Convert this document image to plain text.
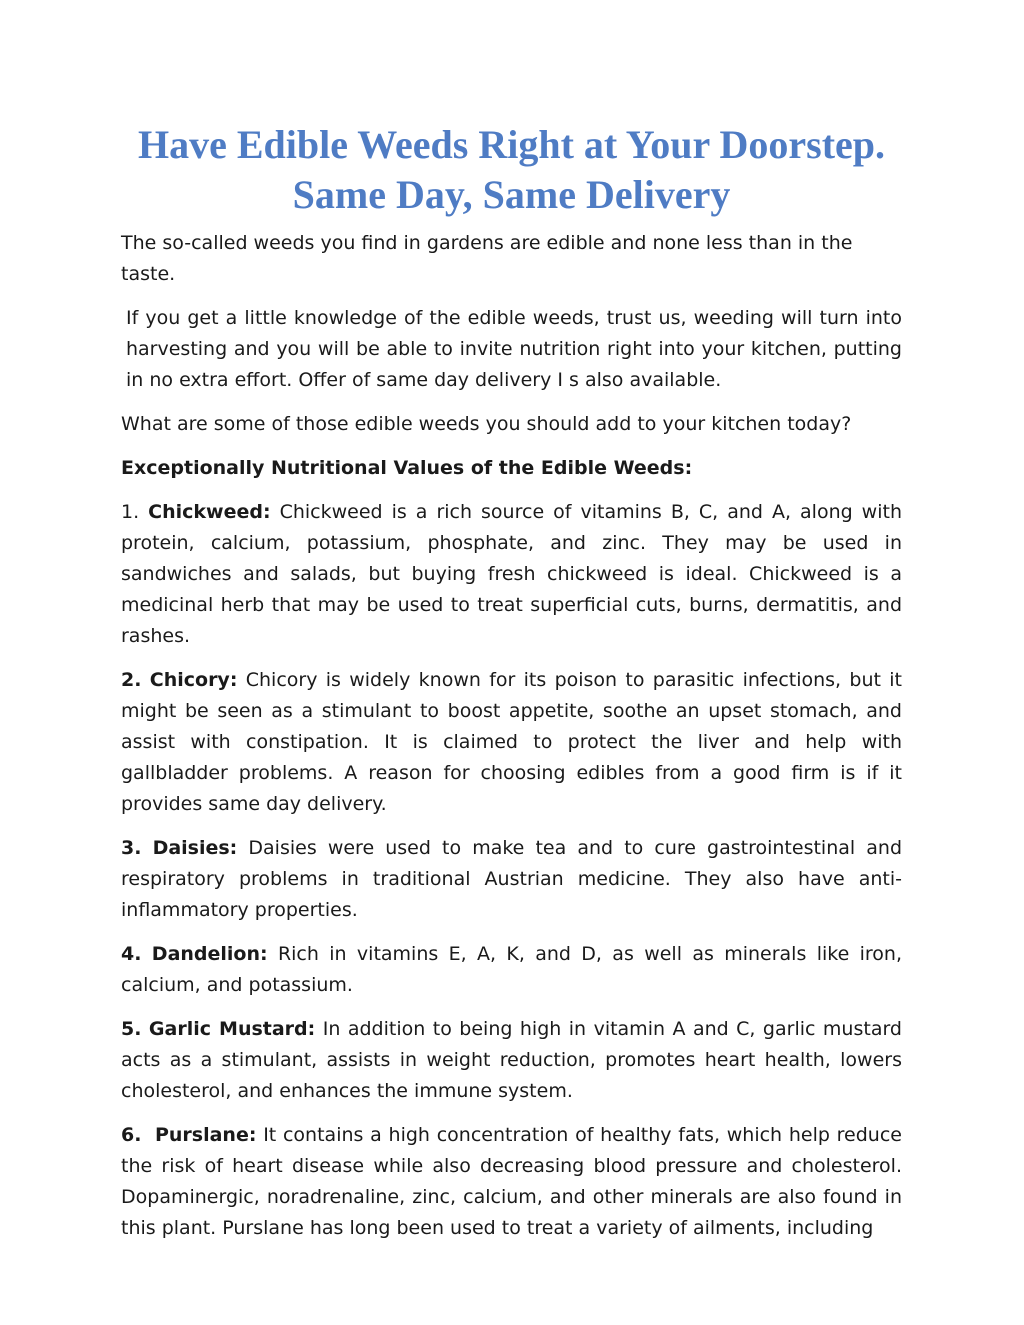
Have Edible Weeds Right at Your Doorstep.
Same Day, Same Delivery

The so-called weeds you find in gardens are edible and none less than in the taste.

If you get a little knowledge of the edible weeds, trust us, weeding will turn into harvesting and you will be able to invite nutrition right into your kitchen, putting in no extra effort. Offer of same day delivery I s also available.

What are some of those edible weeds you should add to your kitchen today?

Exceptionally Nutritional Values of the Edible Weeds:

1. Chickweed: Chickweed is a rich source of vitamins B, C, and A, along with protein, calcium, potassium, phosphate, and zinc. They may be used in sandwiches and salads, but buying fresh chickweed is ideal. Chickweed is a medicinal herb that may be used to treat superficial cuts, burns, dermatitis, and rashes.

2. Chicory: Chicory is widely known for its poison to parasitic infections, but it might be seen as a stimulant to boost appetite, soothe an upset stomach, and assist with constipation. It is claimed to protect the liver and help with gallbladder problems. A reason for choosing edibles from a good firm is if it provides same day delivery.

3. Daisies: Daisies were used to make tea and to cure gastrointestinal and respiratory problems in traditional Austrian medicine. They also have anti-inflammatory properties.

4. Dandelion: Rich in vitamins E, A, K, and D, as well as minerals like iron, calcium, and potassium.

5. Garlic Mustard: In addition to being high in vitamin A and C, garlic mustard acts as a stimulant, assists in weight reduction, promotes heart health, lowers cholesterol, and enhances the immune system.

6. Purslane: It contains a high concentration of healthy fats, which help reduce the risk of heart disease while also decreasing blood pressure and cholesterol. Dopaminergic, noradrenaline, zinc, calcium, and other minerals are also found in this plant. Purslane has long been used to treat a variety of ailments, including
